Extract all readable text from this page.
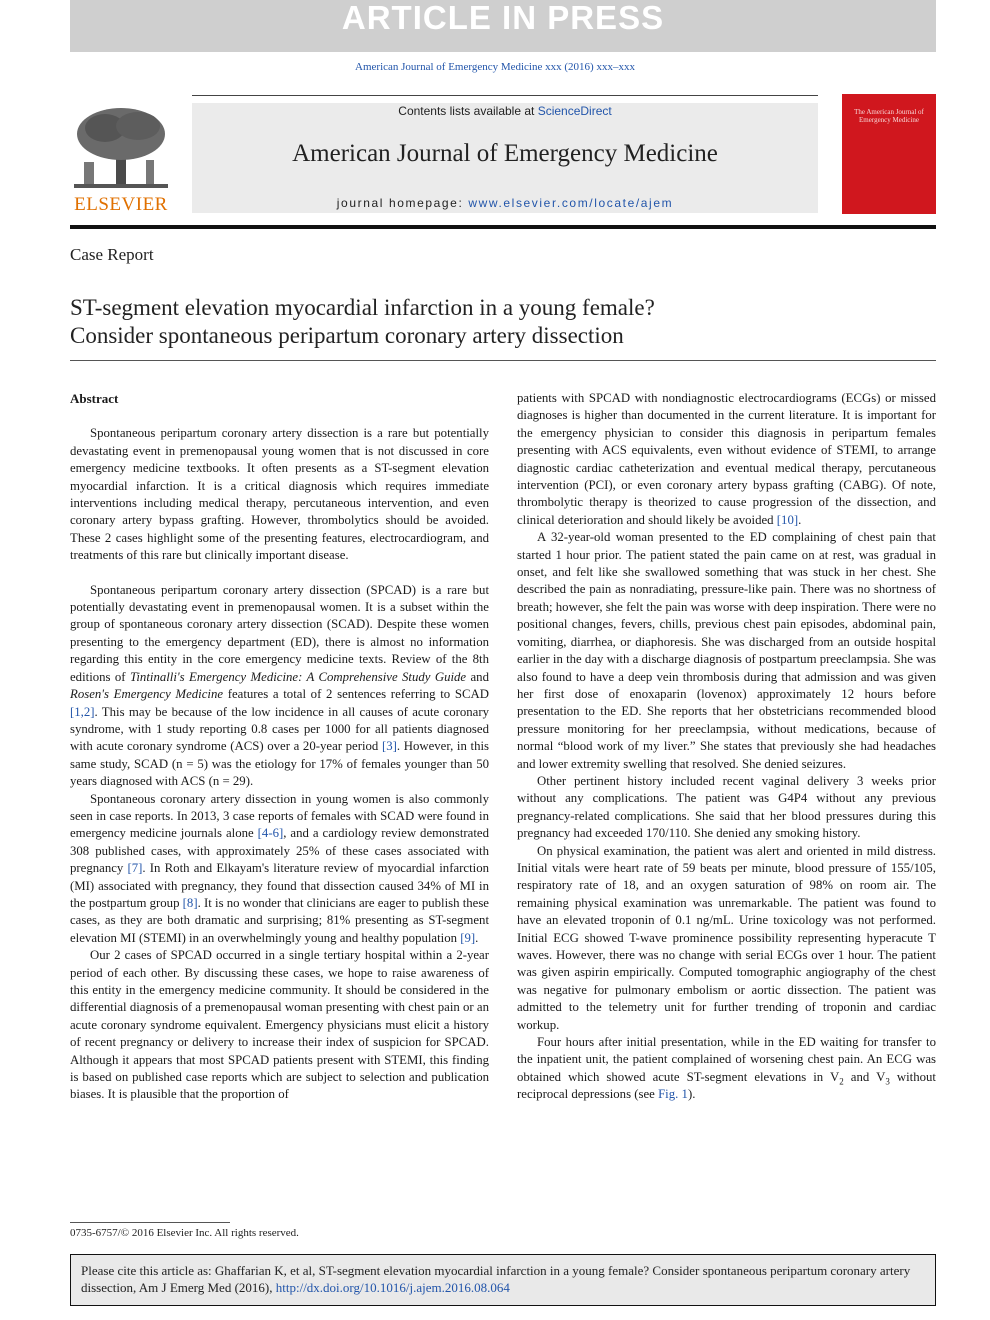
ARTICLE IN PRESS
American Journal of Emergency Medicine xxx (2016) xxx–xxx
ELSEVIER
Contents lists available at ScienceDirect
American Journal of Emergency Medicine
journal homepage: www.elsevier.com/locate/ajem
The American Journal of Emergency Medicine
Case Report
ST-segment elevation myocardial infarction in a young female?
Consider spontaneous peripartum coronary artery dissection
Abstract

Spontaneous peripartum coronary artery dissection is a rare but potentially devastating event in premenopausal young women that is not discussed in core emergency medicine textbooks. It often presents as a ST-segment elevation myocardial infarction. It is a critical diagnosis which requires immediate interventions including medical therapy, percutaneous intervention, and even coronary artery bypass grafting. However, thrombolytics should be avoided. These 2 cases highlight some of the presenting features, electrocardiogram, and treatments of this rare but clinically important disease.

Spontaneous peripartum coronary artery dissection (SPCAD) is a rare but potentially devastating event in premenopausal women. It is a subset within the group of spontaneous coronary artery dissection (SCAD). Despite these women presenting to the emergency department (ED), there is almost no information regarding this entity in the core emergency medicine texts. Review of the 8th editions of Tintinalli's Emergency Medicine: A Comprehensive Study Guide and Rosen's Emergency Medicine features a total of 2 sentences referring to SCAD [1,2]. This may be because of the low incidence in all causes of acute coronary syndrome, with 1 study reporting 0.8 cases per 1000 for all patients diagnosed with acute coronary syndrome (ACS) over a 20-year period [3]. However, in this same study, SCAD (n = 5) was the etiology for 17% of females younger than 50 years diagnosed with ACS (n = 29).

Spontaneous coronary artery dissection in young women is also commonly seen in case reports. In 2013, 3 case reports of females with SCAD were found in emergency medicine journals alone [4-6], and a cardiology review demonstrated 308 published cases, with approximately 25% of these cases associated with pregnancy [7]. In Roth and Elkayam's literature review of myocardial infarction (MI) associated with pregnancy, they found that dissection caused 34% of MI in the postpartum group [8]. It is no wonder that clinicians are eager to publish these cases, as they are both dramatic and surprising; 81% presenting as ST-segment elevation MI (STEMI) in an overwhelmingly young and healthy population [9].

Our 2 cases of SPCAD occurred in a single tertiary hospital within a 2-year period of each other. By discussing these cases, we hope to raise awareness of this entity in the emergency medicine community. It should be considered in the differential diagnosis of a premenopausal woman presenting with chest pain or an acute coronary syndrome equivalent. Emergency physicians must elicit a history of recent pregnancy or delivery to increase their index of suspicion for SPCAD. Although it appears that most SPCAD patients present with STEMI, this finding is based on published case reports which are subject to selection and publication biases. It is plausible that the proportion of

patients with SPCAD with nondiagnostic electrocardiograms (ECGs) or missed diagnoses is higher than documented in the current literature. It is important for the emergency physician to consider this diagnosis in peripartum females presenting with ACS equivalents, even without evidence of STEMI, to arrange diagnostic cardiac catheterization and eventual medical therapy, percutaneous intervention (PCI), or even coronary artery bypass grafting (CABG). Of note, thrombolytic therapy is theorized to cause progression of the dissection, and clinical deterioration and should likely be avoided [10].

A 32-year-old woman presented to the ED complaining of chest pain that started 1 hour prior. The patient stated the pain came on at rest, was gradual in onset, and felt like she swallowed something that was stuck in her chest. She described the pain as nonradiating, pressure-like pain. There was no shortness of breath; however, she felt the pain was worse with deep inspiration. There were no positional changes, fevers, chills, previous chest pain episodes, abdominal pain, vomiting, diarrhea, or diaphoresis. She was discharged from an outside hospital earlier in the day with a discharge diagnosis of postpartum preeclampsia. She was also found to have a deep vein thrombosis during that admission and was given her first dose of enoxaparin (lovenox) approximately 12 hours before presentation to the ED. She reports that her obstetricians recommended blood pressure monitoring for her preeclampsia, without medications, because of normal “blood work of my liver.” She states that previously she had headaches and lower extremity swelling that resolved. She denied seizures.

Other pertinent history included recent vaginal delivery 3 weeks prior without any complications. The patient was G4P4 without any previous pregnancy-related complications. She said that her blood pressures during this pregnancy had exceeded 170/110. She denied any smoking history.

On physical examination, the patient was alert and oriented in mild distress. Initial vitals were heart rate of 59 beats per minute, blood pressure of 155/105, respiratory rate of 18, and an oxygen saturation of 98% on room air. The remaining physical examination was unremarkable. The patient was found to have an elevated troponin of 0.1 ng/mL. Urine toxicology was not performed. Initial ECG showed T-wave prominence possibility representing hyperacute T waves. However, there was no change with serial ECGs over 1 hour. The patient was given aspirin empirically. Computed tomographic angiography of the chest was negative for pulmonary embolism or aortic dissection. The patient was admitted to the telemetry unit for further trending of troponin and cardiac workup.

Four hours after initial presentation, while in the ED waiting for transfer to the inpatient unit, the patient complained of worsening chest pain. An ECG was obtained which showed acute ST-segment elevations in $V_2$ and $V_3$ without reciprocal depressions (see Fig. 1).

0735-6757/© 2016 Elsevier Inc. All rights reserved.
Please cite this article as: Ghaffarian K, et al, ST-segment elevation myocardial infarction in a young female? Consider spontaneous peripartum coronary artery dissection, Am J Emerg Med (2016), http://dx.doi.org/10.1016/j.ajem.2016.08.064
